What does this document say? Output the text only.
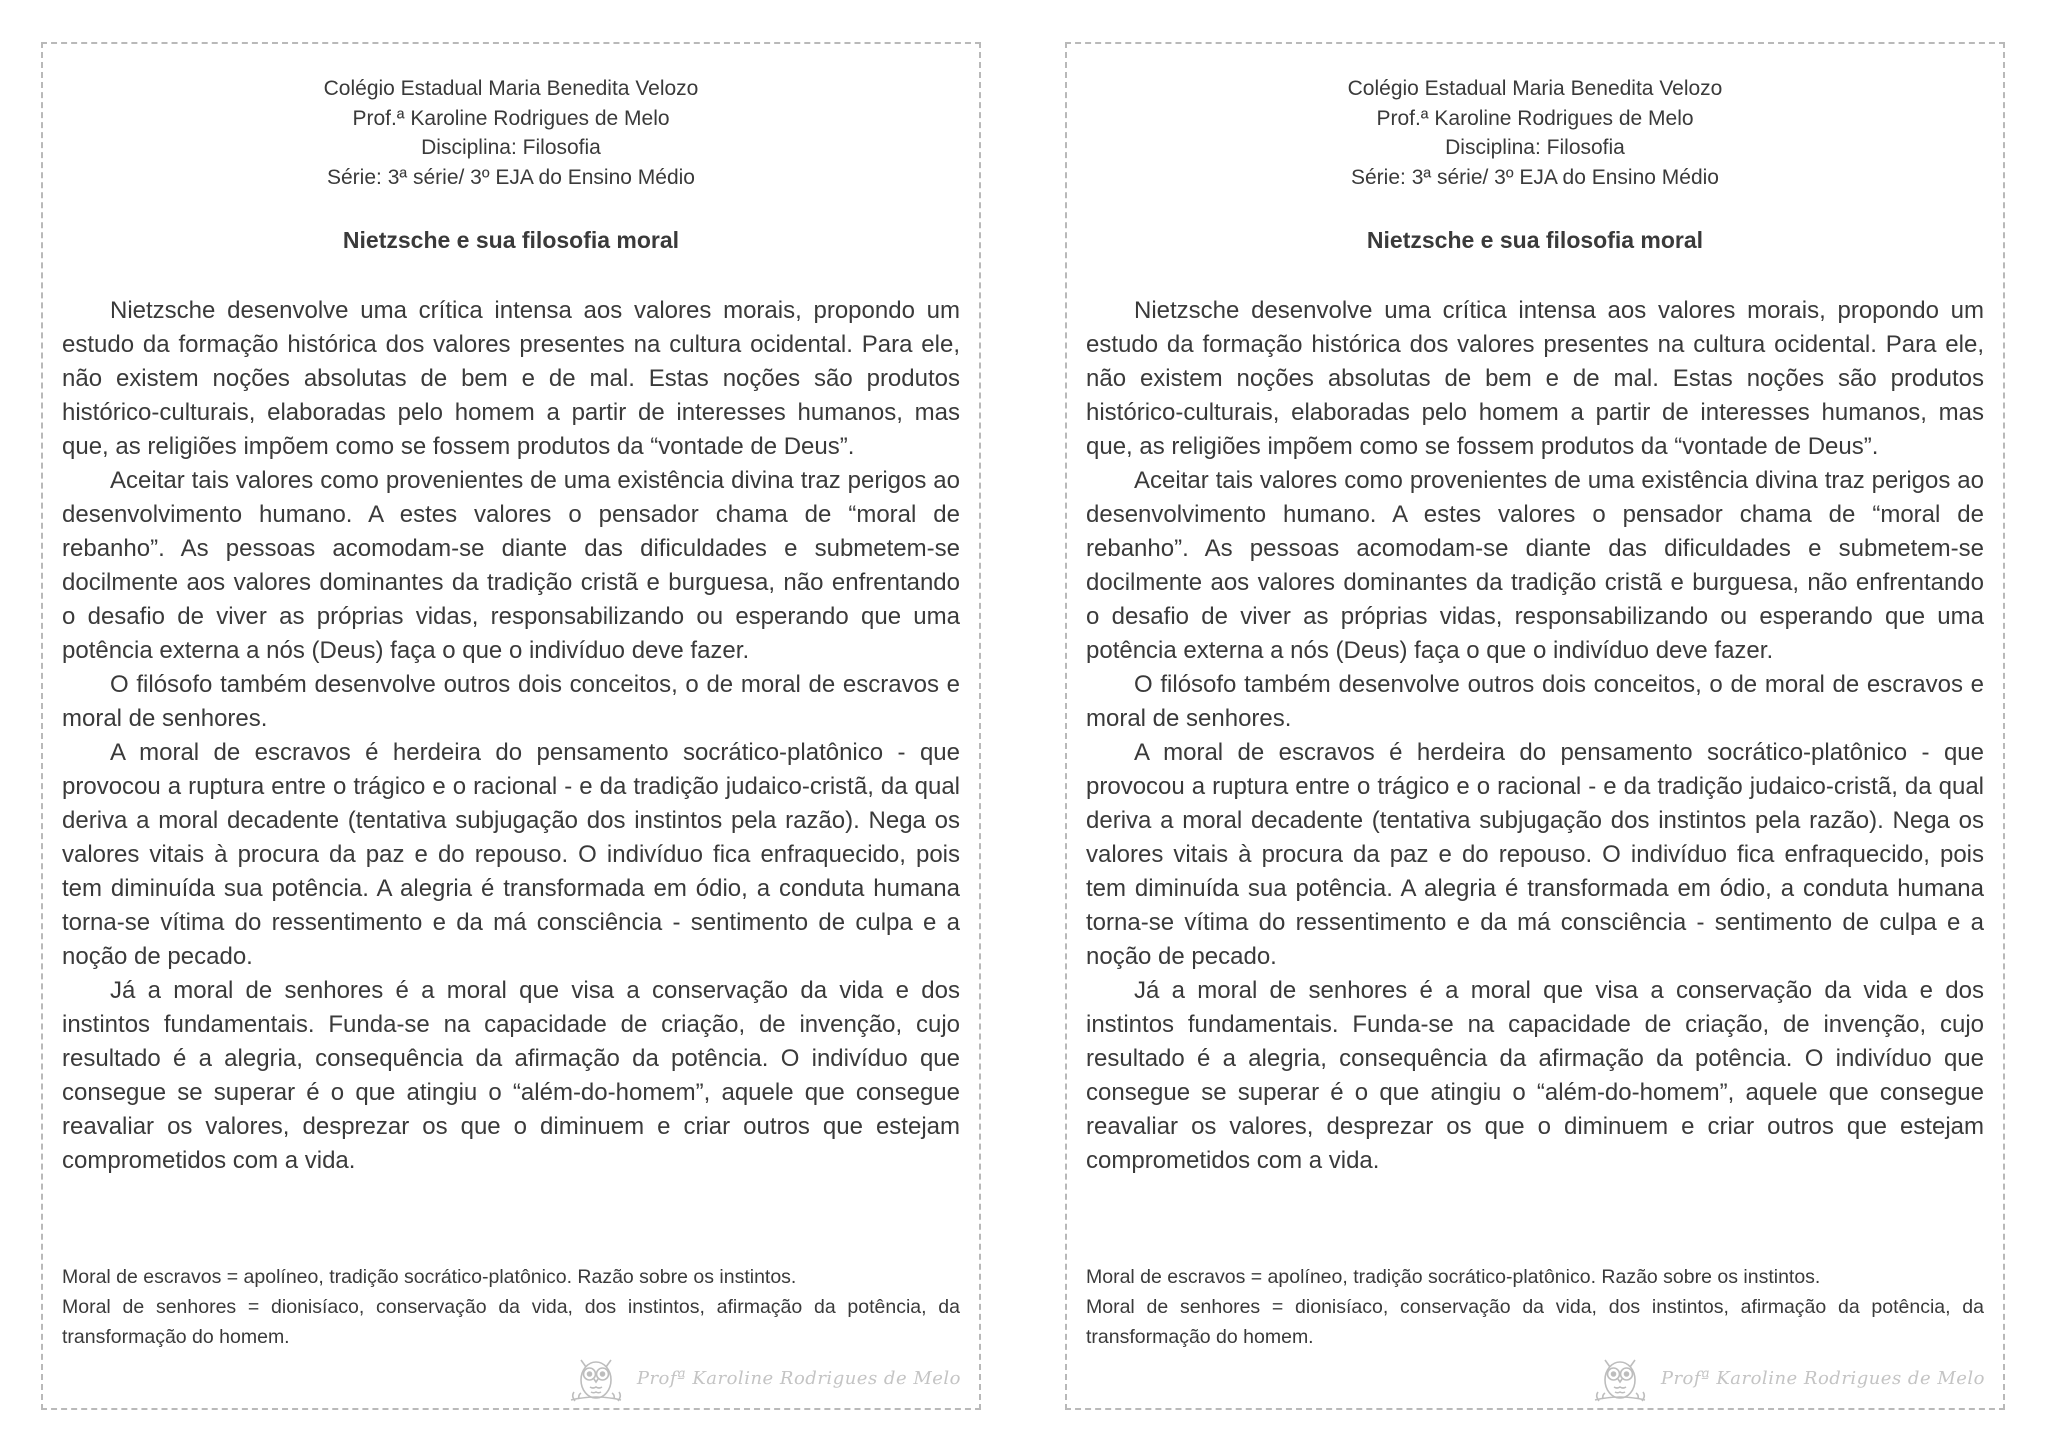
Colégio Estadual Maria Benedita Velozo
Prof.ª Karoline Rodrigues de Melo
Disciplina: Filosofia
Série: 3ª série/ 3º EJA do Ensino Médio
Nietzsche e sua filosofia moral

Nietzsche desenvolve uma crítica intensa aos valores morais, propondo um estudo da formação histórica dos valores presentes na cultura ocidental. Para ele, não existem noções absolutas de bem e de mal. Estas noções são produtos histórico-culturais, elaboradas pelo homem a partir de interesses humanos, mas que, as religiões impõem como se fossem produtos da “vontade de Deus”.

Aceitar tais valores como provenientes de uma existência divina traz perigos ao desenvolvimento humano. A estes valores o pensador chama de “moral de rebanho”. As pessoas acomodam-se diante das dificuldades e submetem-se docilmente aos valores dominantes da tradição cristã e burguesa, não enfrentando o desafio de viver as próprias vidas, responsabilizando ou esperando que uma potência externa a nós (Deus) faça o que o indivíduo deve fazer.

O filósofo também desenvolve outros dois conceitos, o de moral de escravos e moral de senhores.

A moral de escravos é herdeira do pensamento socrático-platônico - que provocou a ruptura entre o trágico e o racional - e da tradição judaico-cristã, da qual deriva a moral decadente (tentativa subjugação dos instintos pela razão). Nega os valores vitais à procura da paz e do repouso. O indivíduo fica enfraquecido, pois tem diminuída sua potência. A alegria é transformada em ódio, a conduta humana torna-se vítima do ressentimento e da má consciência - sentimento de culpa e a noção de pecado.

Já a moral de senhores é a moral que visa a conservação da vida e dos instintos fundamentais. Funda-se na capacidade de criação, de invenção, cujo resultado é a alegria, consequência da afirmação da potência. O indivíduo que consegue se superar é o que atingiu o “além-do-homem”, aquele que consegue reavaliar os valores, desprezar os que o diminuem e criar outros que estejam comprometidos com a vida.

Moral de escravos = apolíneo, tradição socrático-platônico. Razão sobre os instintos.

Moral de senhores = dionisíaco, conservação da vida, dos instintos, afirmação da potência, da transformação do homem.

Profª Karoline Rodrigues de Melo
Colégio Estadual Maria Benedita Velozo
Prof.ª Karoline Rodrigues de Melo
Disciplina: Filosofia
Série: 3ª série/ 3º EJA do Ensino Médio
Nietzsche e sua filosofia moral

Nietzsche desenvolve uma crítica intensa aos valores morais, propondo um estudo da formação histórica dos valores presentes na cultura ocidental. Para ele, não existem noções absolutas de bem e de mal. Estas noções são produtos histórico-culturais, elaboradas pelo homem a partir de interesses humanos, mas que, as religiões impõem como se fossem produtos da “vontade de Deus”.

Aceitar tais valores como provenientes de uma existência divina traz perigos ao desenvolvimento humano. A estes valores o pensador chama de “moral de rebanho”. As pessoas acomodam-se diante das dificuldades e submetem-se docilmente aos valores dominantes da tradição cristã e burguesa, não enfrentando o desafio de viver as próprias vidas, responsabilizando ou esperando que uma potência externa a nós (Deus) faça o que o indivíduo deve fazer.

O filósofo também desenvolve outros dois conceitos, o de moral de escravos e moral de senhores.

A moral de escravos é herdeira do pensamento socrático-platônico - que provocou a ruptura entre o trágico e o racional - e da tradição judaico-cristã, da qual deriva a moral decadente (tentativa subjugação dos instintos pela razão). Nega os valores vitais à procura da paz e do repouso. O indivíduo fica enfraquecido, pois tem diminuída sua potência. A alegria é transformada em ódio, a conduta humana torna-se vítima do ressentimento e da má consciência - sentimento de culpa e a noção de pecado.

Já a moral de senhores é a moral que visa a conservação da vida e dos instintos fundamentais. Funda-se na capacidade de criação, de invenção, cujo resultado é a alegria, consequência da afirmação da potência. O indivíduo que consegue se superar é o que atingiu o “além-do-homem”, aquele que consegue reavaliar os valores, desprezar os que o diminuem e criar outros que estejam comprometidos com a vida.

Moral de escravos = apolíneo, tradição socrático-platônico. Razão sobre os instintos.

Moral de senhores = dionisíaco, conservação da vida, dos instintos, afirmação da potência, da transformação do homem.

Profª Karoline Rodrigues de Melo
